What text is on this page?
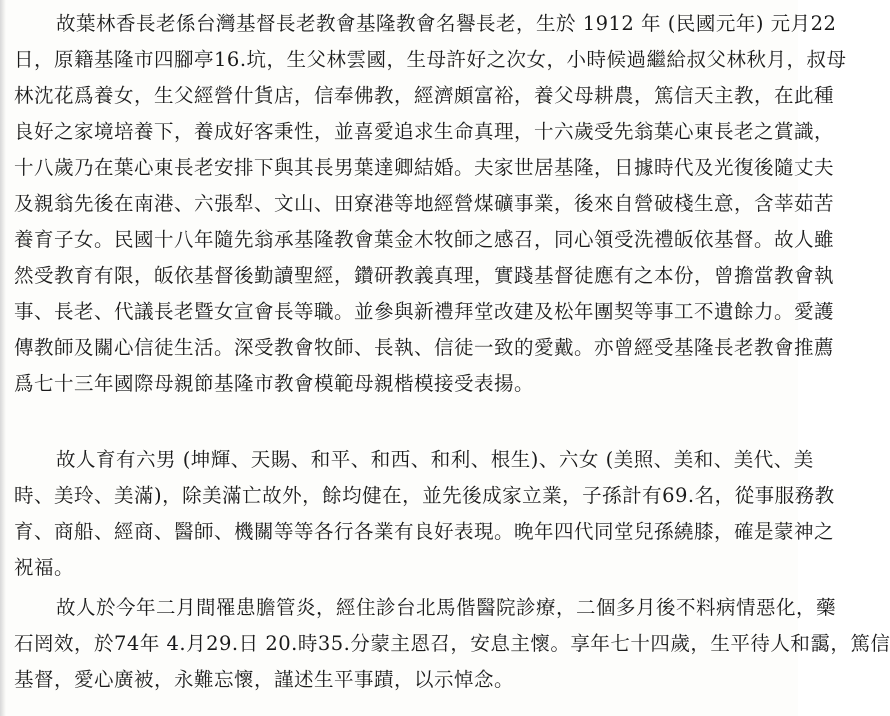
故葉林香長老係台灣基督長老教會基隆教會名譽長老，生於 1912 年 (民國元年) 元月22
日，原籍基隆市四腳亭16.坑，生父林雲國，生母許好之次女，小時候過繼給叔父林秋月，叔母
林沈花爲養女，生父經營什貨店，信奉佛教，經濟頗富裕，養父母耕農，篤信天主教，在此種
良好之家境培養下，養成好客秉性，並喜愛追求生命真理，十六歲受先翁葉心東長老之賞識，
十八歲乃在葉心東長老安排下與其長男葉達卿結婚。夫家世居基隆，日據時代及光復後隨丈夫
及親翁先後在南港、六張犁、文山、田寮港等地經營煤礦事業，後來自營破棧生意，含莘茹苦
養育子女。民國十八年隨先翁承基隆教會葉金木牧師之感召，同心領受洗禮皈依基督。故人雖
然受教育有限，皈依基督後勤讀聖經，鑽研教義真理，實踐基督徒應有之本份，曾擔當教會執
事、長老、代議長老暨女宣會長等職。並參與新禮拜堂改建及松年團契等事工不遺餘力。愛護
傳教師及關心信徒生活。深受教會牧師、長執、信徒一致的愛戴。亦曾經受基隆長老教會推薦
爲七十三年國際母親節基隆市教會模範母親楷模接受表揚。

故人育有六男 (坤輝、天賜、和平、和西、和利、根生)、六女 (美照、美和、美代、美
時、美玲、美滿)，除美滿亡故外，餘均健在，並先後成家立業，子孫計有69.名，從事服務教
育、商船、經商、醫師、機關等等各行各業有良好表現。晚年四代同堂兒孫繞膝，確是蒙神之
祝福。

故人於今年二月間罹患膽管炎，經住診台北馬偕醫院診療，二個多月後不料病情惡化，藥
石罔效，於74年 4.月29.日 20.時35.分蒙主恩召，安息主懷。享年七十四歲，生平待人和靄，篤信
基督，愛心廣被，永難忘懷，謹述生平事蹟，以示悼念。
